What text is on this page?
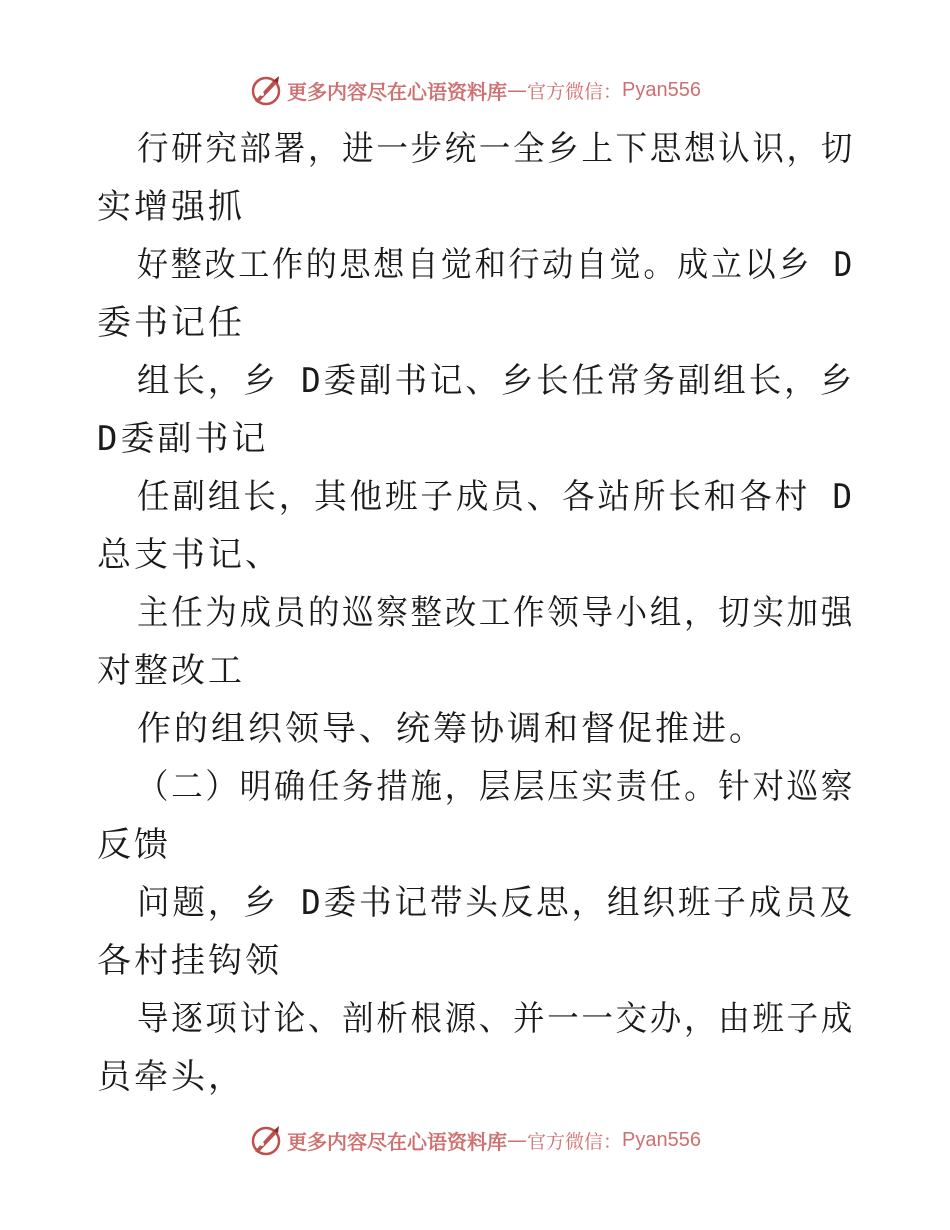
更多内容尽在心语资料库 — 官方微信： Pyan556
行研究部署，进一步统一全乡上下思想认识，切
实增强抓
好整改工作的思想自觉和行动自觉。成立以乡 D
委书记任
组长，乡 D委副书记、乡长任常务副组长，乡
D委副书记
任副组长，其他班子成员、各站所长和各村 D
总支书记、
主任为成员的巡察整改工作领导小组，切实加强
对整改工
作的组织领导、统筹协调和督促推进。
（二）明确任务措施，层层压实责任。针对巡察
反馈
问题，乡 D委书记带头反思，组织班子成员及
各村挂钩领
导逐项讨论、剖析根源、并一一交办，由班子成
员牵头，
更多内容尽在心语资料库 — 官方微信： Pyan556
